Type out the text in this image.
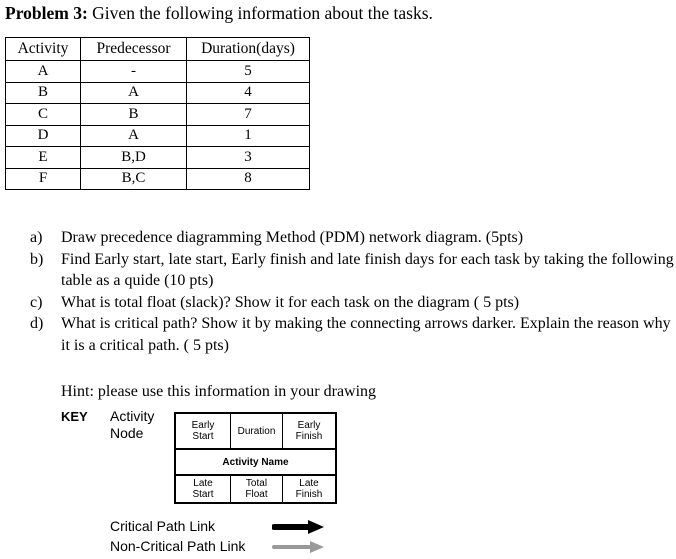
Problem 3: Given the following information about the tasks.
Activity	Predecessor	Duration(days)
A	-	5
B	A	4
C	B	7
D	A	1
E	B,D	3
F	B,C	8
a)	Draw precedence diagramming Method (PDM) network diagram. (5pts)
b)	Find Early start, late start, Early finish and late finish days for each task by taking the following table as a quide (10 pts)
c)	What is total float (slack)? Show it for each task on the diagram ( 5 pts)
d)	What is critical path? Show it by making the connecting arrows darker. Explain the reason why it is a critical path. ( 5 pts)
Hint: please use this information in your drawing
KEY Activity
Node	Early
Start Duration Early
Finish
Activity Name
Late
Start
Total
Float
Late
Finish
Critical Path Link
Non-Critical Path Link
